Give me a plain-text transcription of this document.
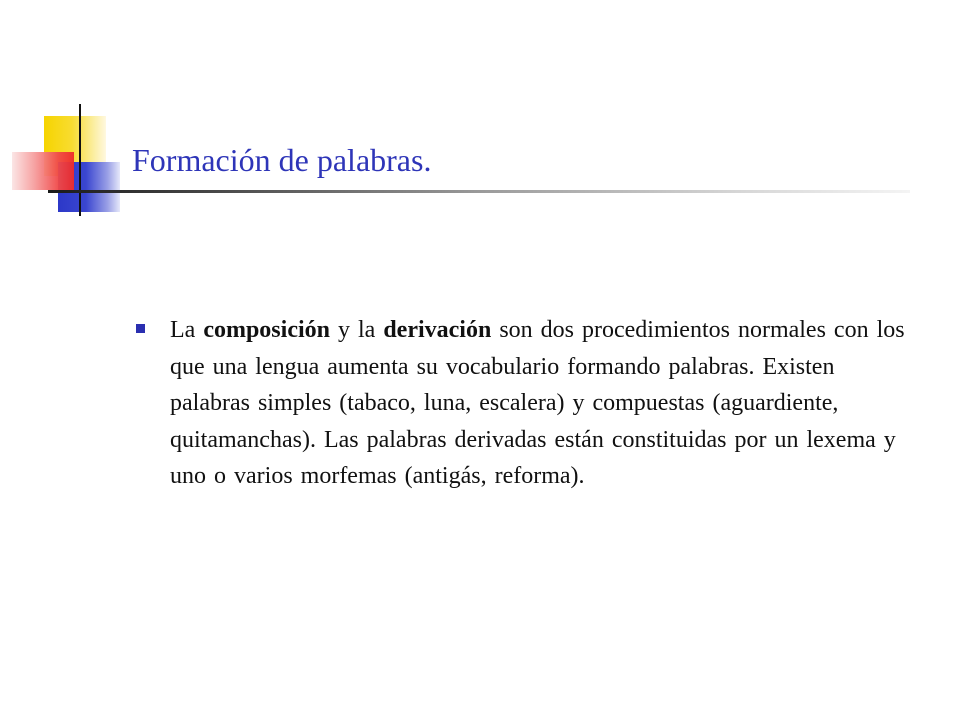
Formación de palabras.

La composición y la derivación son dos procedimientos normales con los que una lengua aumenta su vocabulario formando palabras. Existen palabras simples (tabaco, luna, escalera) y compuestas (aguardiente, quitamanchas). Las palabras derivadas están constituidas por un lexema y uno o varios morfemas (antigás, reforma).
